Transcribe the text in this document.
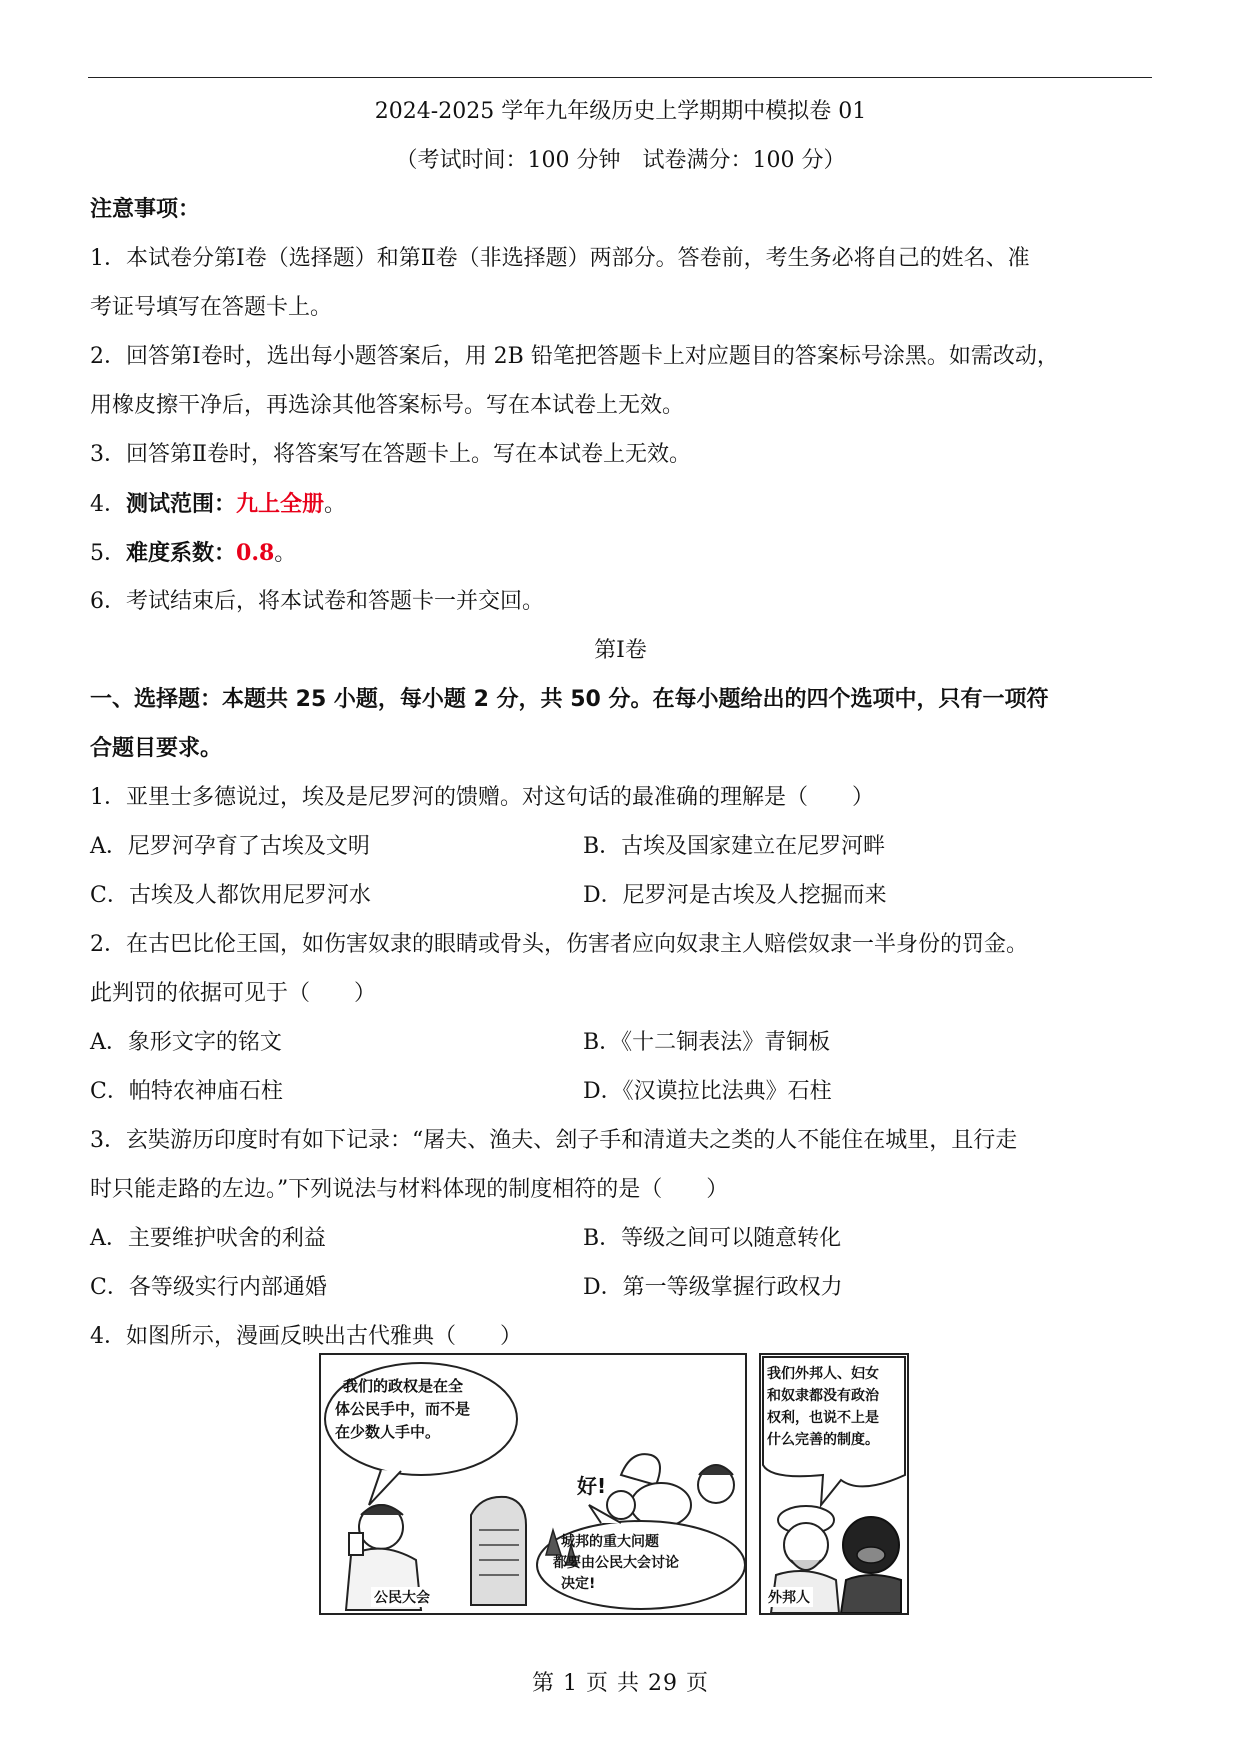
2024-2025 学年九年级历史上学期期中模拟卷 01
（考试时间：100 分钟　试卷满分：100 分）
注意事项：
1．本试卷分第Ⅰ卷（选择题）和第Ⅱ卷（非选择题）两部分。答卷前，考生务必将自己的姓名、准
考证号填写在答题卡上。
2．回答第Ⅰ卷时，选出每小题答案后，用 2B 铅笔把答题卡上对应题目的答案标号涂黑。如需改动，
用橡皮擦干净后，再选涂其他答案标号。写在本试卷上无效。
3．回答第Ⅱ卷时，将答案写在答题卡上。写在本试卷上无效。
4．测试范围：九上全册。
5．难度系数：0.8。
6．考试结束后，将本试卷和答题卡一并交回。
第Ⅰ卷
一、选择题：本题共 25 小题，每小题 2 分，共 50 分。在每小题给出的四个选项中，只有一项符
合题目要求。
1．亚里士多德说过，埃及是尼罗河的馈赠。对这句话的最准确的理解是（　　）
A．尼罗河孕育了古埃及文明	B．古埃及国家建立在尼罗河畔
C．古埃及人都饮用尼罗河水	D．尼罗河是古埃及人挖掘而来
2．在古巴比伦王国，如伤害奴隶的眼睛或骨头，伤害者应向奴隶主人赔偿奴隶一半身份的罚金。
此判罚的依据可见于（　　）
A．象形文字的铭文	B．《十二铜表法》青铜板
C．帕特农神庙石柱	D．《汉谟拉比法典》石柱
3．玄奘游历印度时有如下记录：“屠夫、渔夫、刽子手和清道夫之类的人不能住在城里，且行走
时只能走路的左边。”下列说法与材料体现的制度相符的是（　　）
A．主要维护吠舍的利益	B．等级之间可以随意转化
C．各等级实行内部通婚	D．第一等级掌握行政权力
4．如图所示，漫画反映出古代雅典（　　）
我们的政权是在全
体公民手中，而不是
在少数人手中。
好!
城邦的重大问题
都要由公民大会讨论
决定!
公民大会
我们外邦人、妇女
和奴隶都没有政治
权利，也说不上是
什么完善的制度。
外邦人
第 1 页 共 29 页
